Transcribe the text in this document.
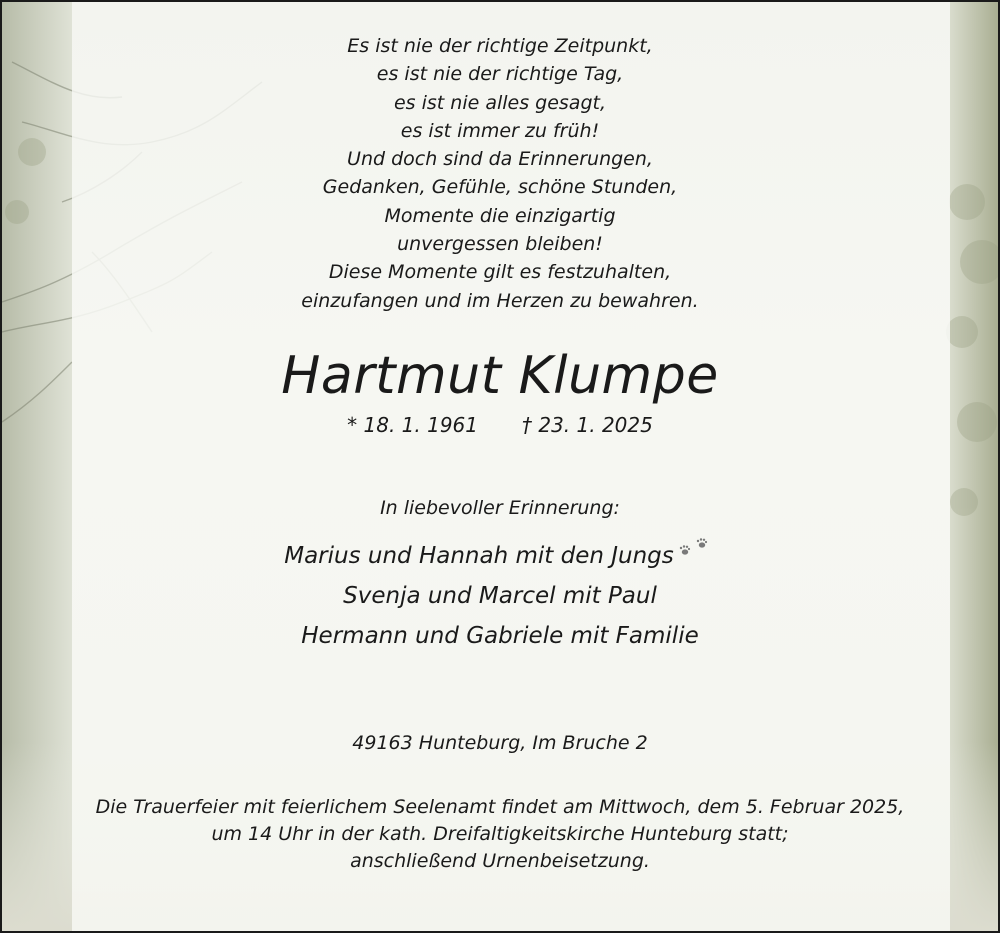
Es ist nie der richtige Zeitpunkt,
es ist nie der richtige Tag,
es ist nie alles gesagt,
es ist immer zu früh!
Und doch sind da Erinnerungen,
Gedanken, Gefühle, schöne Stunden,
Momente die einzigartig
unvergessen bleiben!
Diese Momente gilt es festzuhalten,
einzufangen und im Herzen zu bewahren.
Hartmut Klumpe
* 18. 1. 1961 † 23. 1. 2025
In liebevoller Erinnerung:
Marius und Hannah mit den Jungs
Svenja und Marcel mit Paul
Hermann und Gabriele mit Familie
49163 Hunteburg, Im Bruche 2
Die Trauerfeier mit feierlichem Seelenamt findet am Mittwoch, dem 5. Februar 2025,
um 14 Uhr in der kath. Dreifaltigkeitskirche Hunteburg statt;
anschließend Urnenbeisetzung.
